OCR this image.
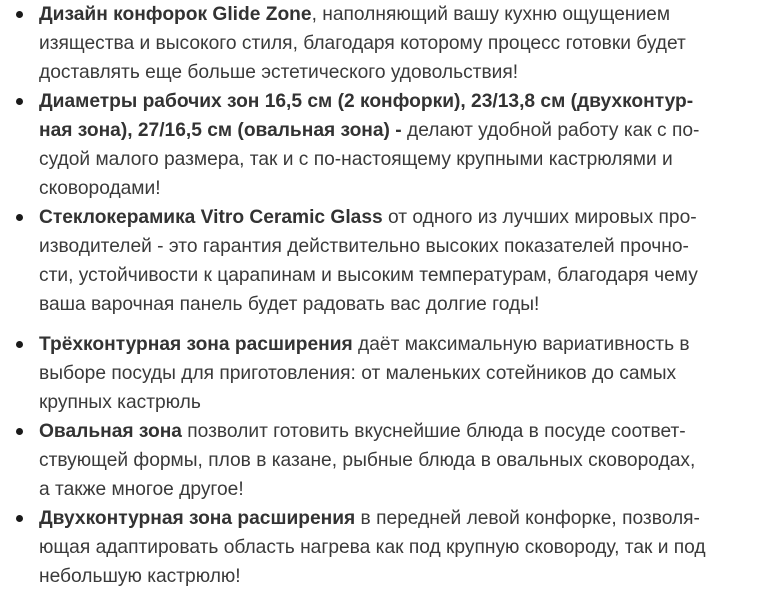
Дизайн конфорок Glide Zone, наполняющий вашу кухню ощущением
изящества и высокого стиля, благодаря которому процесс готовки будет
доставлять еще больше эстетического удовольствия!
Диаметры рабочих зон 16,5 см (2 конфорки), 23/13,8 см (двухконтур-
ная зона), 27/16,5 см (овальная зона) - делают удобной работу как с по-
судой малого размера, так и с по-настоящему крупными кастрюлями и
сковородами!
Стеклокерамика Vitro Ceramic Glass от одного из лучших мировых про-
изводителей - это гарантия действительно высоких показателей прочно-
сти, устойчивости к царапинам и высоким температурам, благодаря чему
ваша варочная панель будет радовать вас долгие годы!
Трёхконтурная зона расширения даёт максимальную вариативность в
выборе посуды для приготовления: от маленьких сотейников до самых
крупных кастрюль
Овальная зона позволит готовить вкуснейшие блюда в посуде соответ-
ствующей формы, плов в казане, рыбные блюда в овальных сковородах,
а также многое другое!
Двухконтурная зона расширения в передней левой конфорке, позволя-
ющая адаптировать область нагрева как под крупную сковороду, так и под
небольшую кастрюлю!
